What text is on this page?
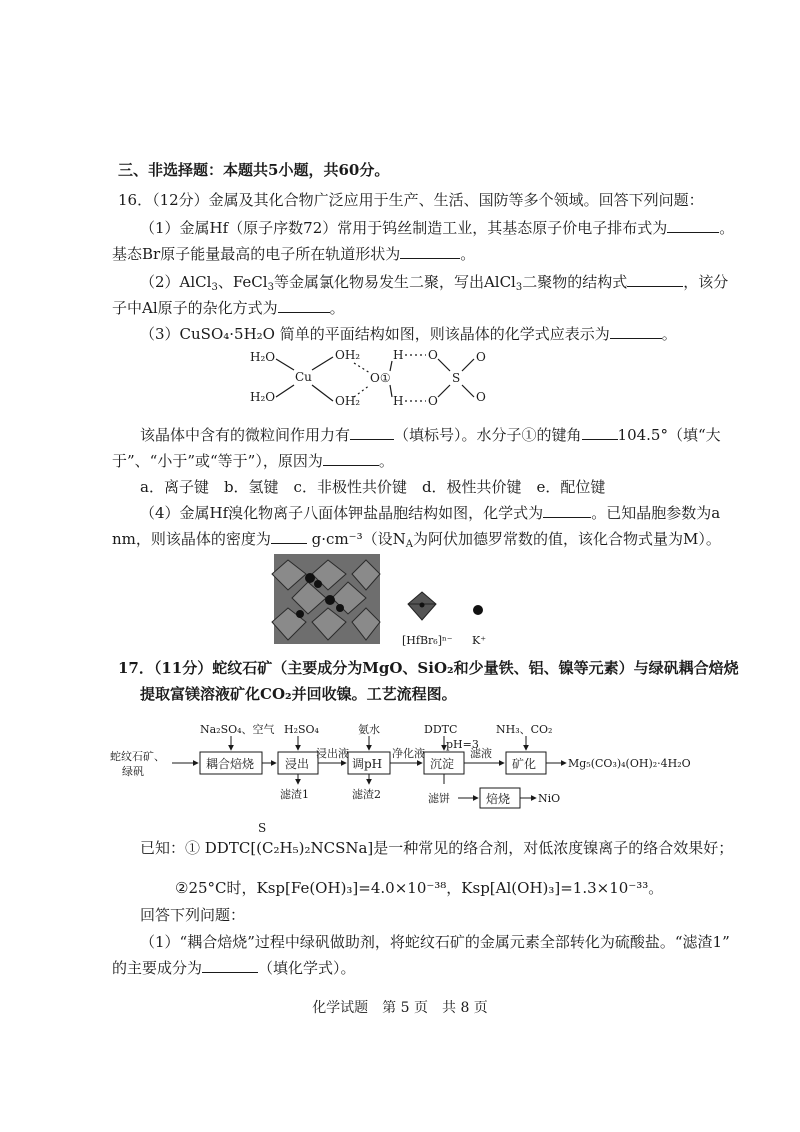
三、非选择题：本题共5小题，共60分。
16．（12分）金属及其化合物广泛应用于生产、生活、国防等多个领域。回答下列问题：
（1）金属Hf（原子序数72）常用于钨丝制造工业，其基态原子价电子排布式为	。
基态Br原子能量最高的电子所在轨道形状为	。
（2）AlCl$_3$、FeCl$_3$等金属氯化物易发生二聚，写出AlCl$_3$二聚物的结构式	，该分
子中Al原子的杂化方式为	。
（3）CuSO₄·5H₂O 简单的平面结构如图，则该晶体的化学式应表示为	。
H₂O
H₂O
Cu
OH₂
OH₂
O①
H
H
O
O
S
O
O
该晶体中含有的微粒间作用力有	（填标号）。水分子①的键角 104.5°（填“大
于”、“小于”或“等于”），原因为	。
a．离子键　b．氢键　c．非极性共价键　d．极性共价键　e．配位键
（4）金属Hf溴化物离子八面体钾盐晶胞结构如图，化学式为	。已知晶胞参数为a
nm，则该晶体的密度为	g·cm⁻³（设$N_A$为阿伏加德罗常数的值，该化合物式量为M）。
[HfBr₆]ⁿ⁻ K⁺
17．（11分）蛇纹石矿（主要成分为MgO、SiO₂和少量铁、铝、镍等元素）与绿矾耦合焙烧
提取富镁溶液矿化CO₂并回收镍。工艺流程图。
蛇纹石矿、
绿矾
Na₂SO₄、空气
耦合焙烧
H₂SO₄
浸出
浸出液
氨水
调pH
净化液
DDTC
pH=3
沉淀
滤液
NH₃、CO₂
矿化	Mg₅(CO₃)₄(OH)₂·4H₂O
滤渣1	滤渣2	滤饼	焙烧	NiO
S
已知：① DDTC[(C₂H₅)₂NCSNa]是一种常见的络合剂，对低浓度镍离子的络合效果好；
②25°C时，Ksp[Fe(OH)₃]=4.0×10⁻³⁸，Ksp[Al(OH)₃]=1.3×10⁻³³。
回答下列问题：
（1）“耦合焙烧”过程中绿矾做助剂，将蛇纹石矿的金属元素全部转化为硫酸盐。“滤渣1”
的主要成分为	（填化学式）。
化学试题　第 5 页　共 8 页
